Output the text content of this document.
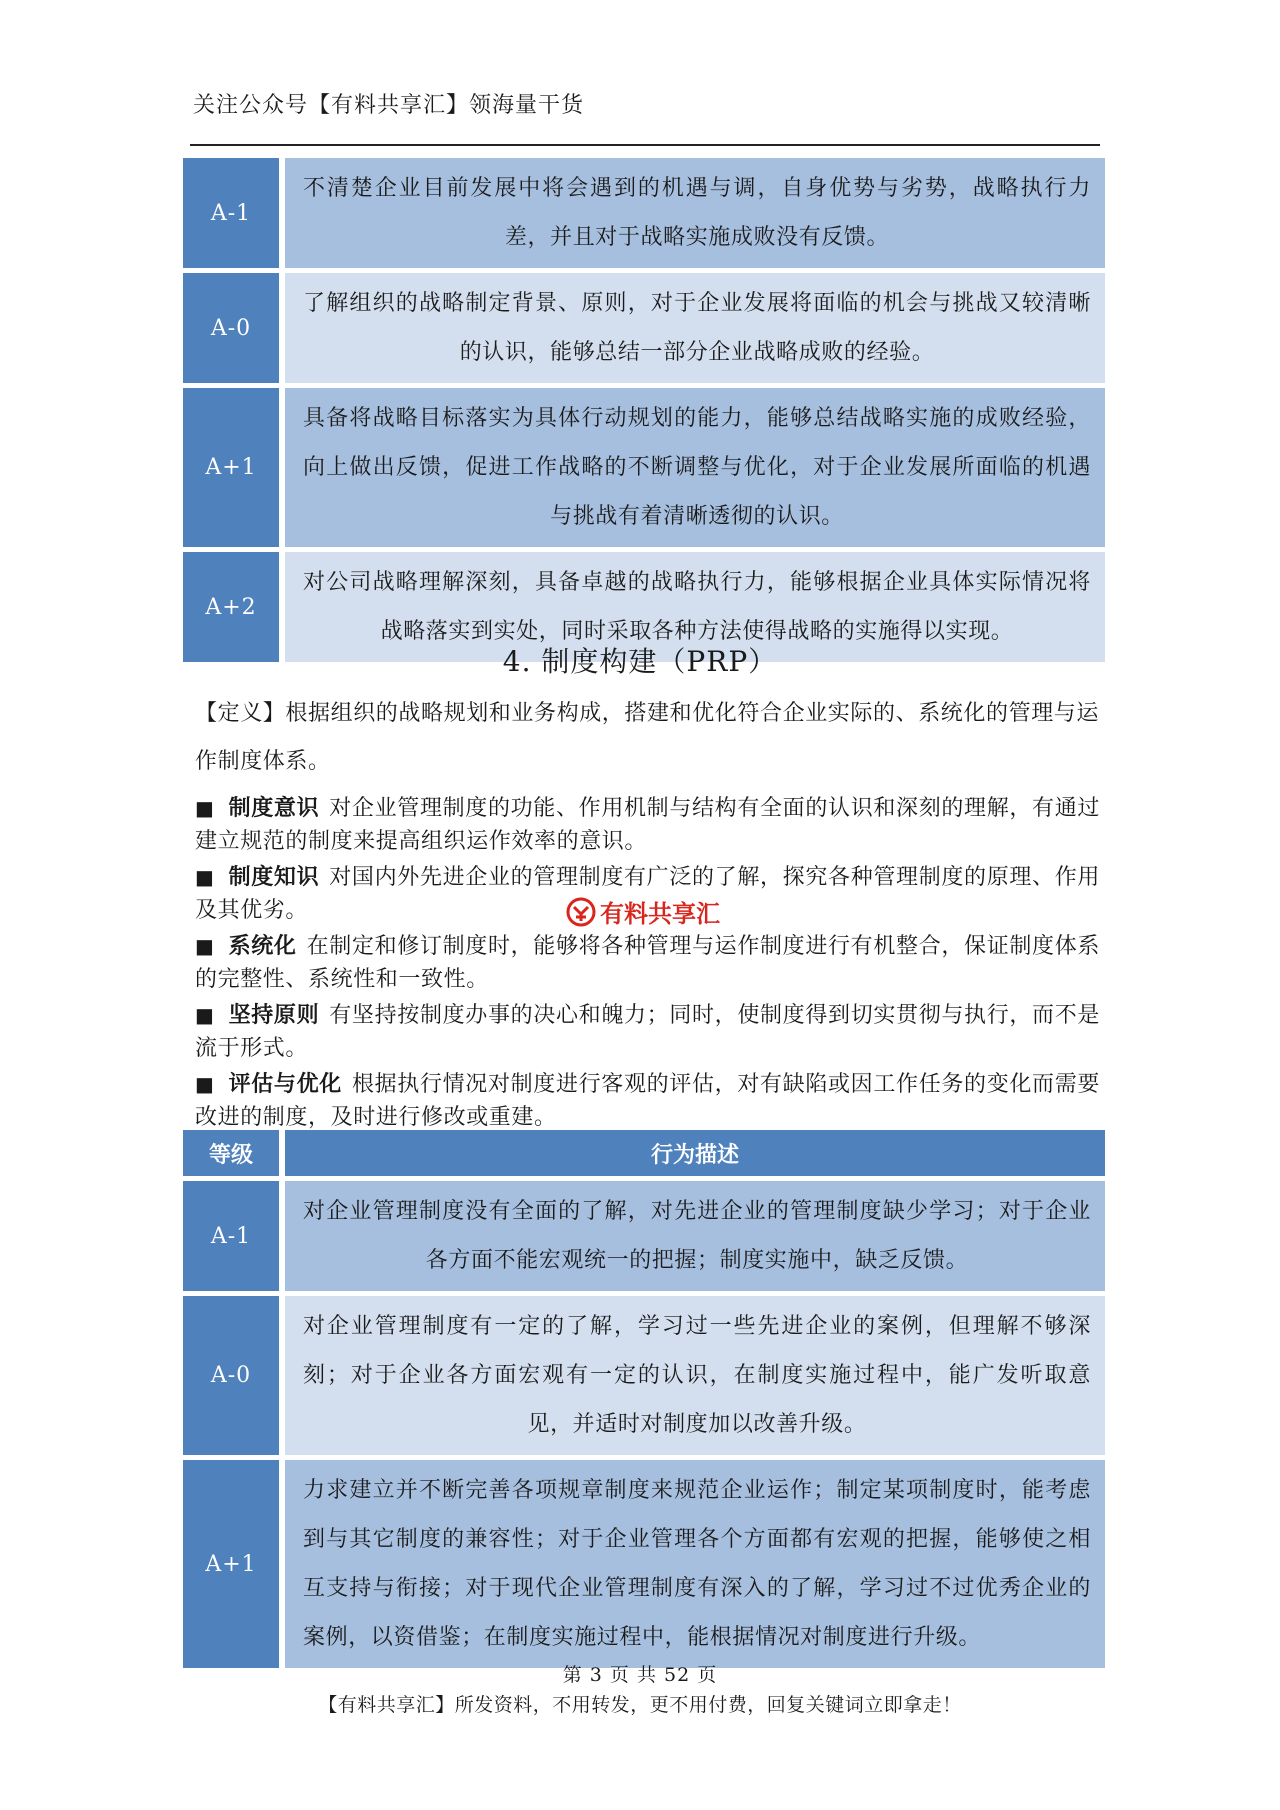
关注公众号【有料共享汇】领海量干货
A-1	不清楚企业目前发展中将会遇到的机遇与调，自身优势与劣势，战略执行力差，并且对于战略实施成败没有反馈。
A-0	了解组织的战略制定背景、原则，对于企业发展将面临的机会与挑战又较清晰的认识，能够总结一部分企业战略成败的经验。
A+1	具备将战略目标落实为具体行动规划的能力，能够总结战略实施的成败经验，向上做出反馈，促进工作战略的不断调整与优化，对于企业发展所面临的机遇与挑战有着清晰透彻的认识。
A+2	对公司战略理解深刻，具备卓越的战略执行力，能够根据企业具体实际情况将战略落实到实处，同时采取各种方法使得战略的实施得以实现。
4. 制度构建（PRP）
【定义】根据组织的战略规划和业务构成，搭建和优化符合企业实际的、系统化的管理与运作制度体系。
■ 制度意识 对企业管理制度的功能、作用机制与结构有全面的认识和深刻的理解，有通过建立规范的制度来提高组织运作效率的意识。
■ 制度知识 对国内外先进企业的管理制度有广泛的了解，探究各种管理制度的原理、作用及其优劣。
■ 系统化 在制定和修订制度时，能够将各种管理与运作制度进行有机整合，保证制度体系的完整性、系统性和一致性。
■ 坚持原则 有坚持按制度办事的决心和魄力；同时，使制度得到切实贯彻与执行，而不是流于形式。
■ 评估与优化 根据执行情况对制度进行客观的评估，对有缺陷或因工作任务的变化而需要改进的制度，及时进行修改或重建。
有料共享汇
等级	行为描述
A-1	对企业管理制度没有全面的了解，对先进企业的管理制度缺少学习；对于企业各方面不能宏观统一的把握；制度实施中，缺乏反馈。
A-0	对企业管理制度有一定的了解，学习过一些先进企业的案例，但理解不够深刻；对于企业各方面宏观有一定的认识，在制度实施过程中，能广发听取意见，并适时对制度加以改善升级。
A+1	力求建立并不断完善各项规章制度来规范企业运作；制定某项制度时，能考虑到与其它制度的兼容性；对于企业管理各个方面都有宏观的把握，能够使之相互支持与衔接；对于现代企业管理制度有深入的了解，学习过不过优秀企业的案例，以资借鉴；在制度实施过程中，能根据情况对制度进行升级。
第 3 页 共 52 页
【有料共享汇】所发资料，不用转发，更不用付费，回复关键词立即拿走！
